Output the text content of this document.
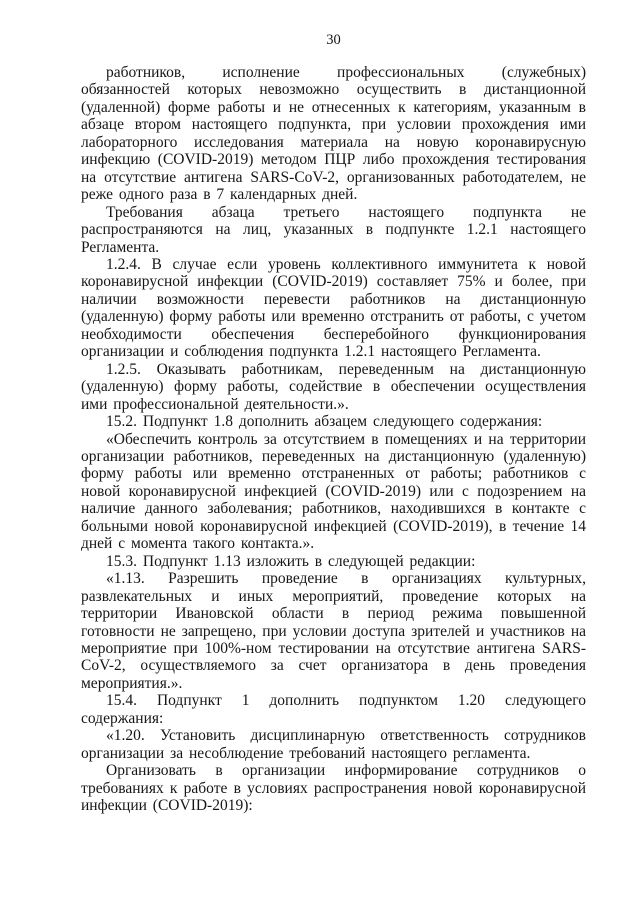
30

работников, исполнение профессиональных (служебных) обязанностей которых невозможно осуществить в дистанционной (удаленной) форме работы и не отнесенных к категориям, указанным в абзаце втором настоящего подпункта, при условии прохождения ими лабораторного исследования материала на новую коронавирусную инфекцию (COVID-2019) методом ПЦР либо прохождения тестирования на отсутствие антигена SARS-CoV-2, организованных работодателем, не реже одного раза в 7 календарных дней.

Требования абзаца третьего настоящего подпункта не распространяются на лиц, указанных в подпункте 1.2.1 настоящего Регламента.

1.2.4. В случае если уровень коллективного иммунитета к новой коронавирусной инфекции (COVID-2019) составляет 75% и более, при наличии возможности перевести работников на дистанционную (удаленную) форму работы или временно отстранить от работы, с учетом необходимости обеспечения бесперебойного функционирования организации и соблюдения подпункта 1.2.1 настоящего Регламента.

1.2.5. Оказывать работникам, переведенным на дистанционную (удаленную) форму работы, содействие в обеспечении осуществления ими профессиональной деятельности.».

15.2. Подпункт 1.8 дополнить абзацем следующего содержания:

«Обеспечить контроль за отсутствием в помещениях и на территории организации работников, переведенных на дистанционную (удаленную) форму работы или временно отстраненных от работы; работников с новой коронавирусной инфекцией (COVID-2019) или с подозрением на наличие данного заболевания; работников, находившихся в контакте с больными новой коронавирусной инфекцией (COVID-2019), в течение 14 дней с момента такого контакта.».

15.3. Подпункт 1.13 изложить в следующей редакции:

«1.13. Разрешить проведение в организациях культурных, развлекательных и иных мероприятий, проведение которых на территории Ивановской области в период режима повышенной готовности не запрещено, при условии доступа зрителей и участников на мероприятие при 100%-ном тестировании на отсутствие антигена SARS-CoV-2, осуществляемого за счет организатора в день проведения мероприятия.».

15.4. Подпункт 1 дополнить подпунктом 1.20 следующего содержания:

«1.20. Установить дисциплинарную ответственность сотрудников организации за несоблюдение требований настоящего регламента.

Организовать в организации информирование сотрудников о требованиях к работе в условиях распространения новой коронавирусной инфекции (COVID-2019):
